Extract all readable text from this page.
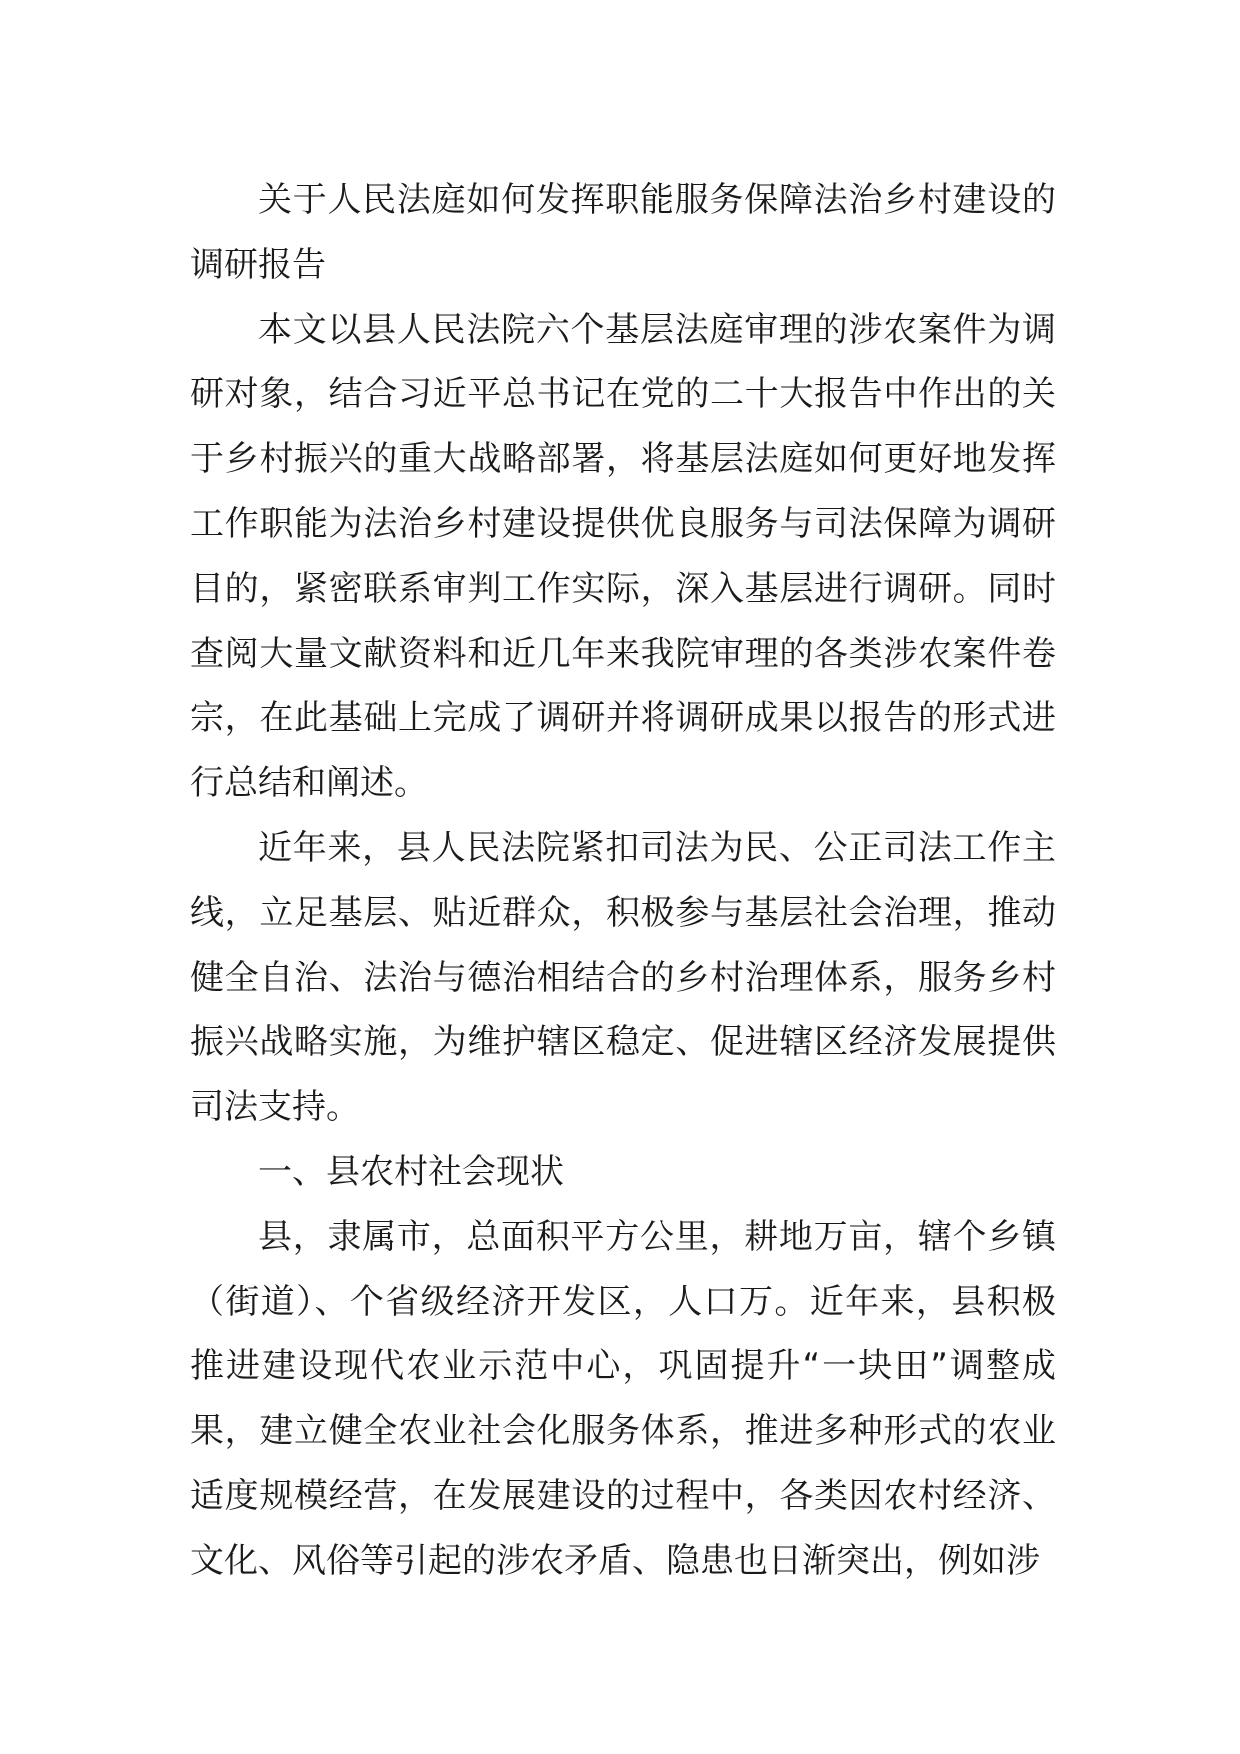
关于人民法庭如何发挥职能服务保障法治乡村建设的调研报告

本文以县人民法院六个基层法庭审理的涉农案件为调研对象，结合习近平总书记在党的二十大报告中作出的关于乡村振兴的重大战略部署，将基层法庭如何更好地发挥工作职能为法治乡村建设提供优良服务与司法保障为调研目的，紧密联系审判工作实际，深入基层进行调研。同时查阅大量文献资料和近几年来我院审理的各类涉农案件卷宗，在此基础上完成了调研并将调研成果以报告的形式进行总结和阐述。

近年来，县人民法院紧扣司法为民、公正司法工作主线，立足基层、贴近群众，积极参与基层社会治理，推动健全自治、法治与德治相结合的乡村治理体系，服务乡村振兴战略实施，为维护辖区稳定、促进辖区经济发展提供司法支持。

一、县农村社会现状

县，隶属市，总面积平方公里，耕地万亩，辖个乡镇（街道）、个省级经济开发区，人口万。近年来，县积极推进建设现代农业示范中心，巩固提升“一块田”调整成果，建立健全农业社会化服务体系，推进多种形式的农业适度规模经营，在发展建设的过程中，各类因农村经济、文化、风俗等引起的涉农矛盾、隐患也日渐突出，例如涉
